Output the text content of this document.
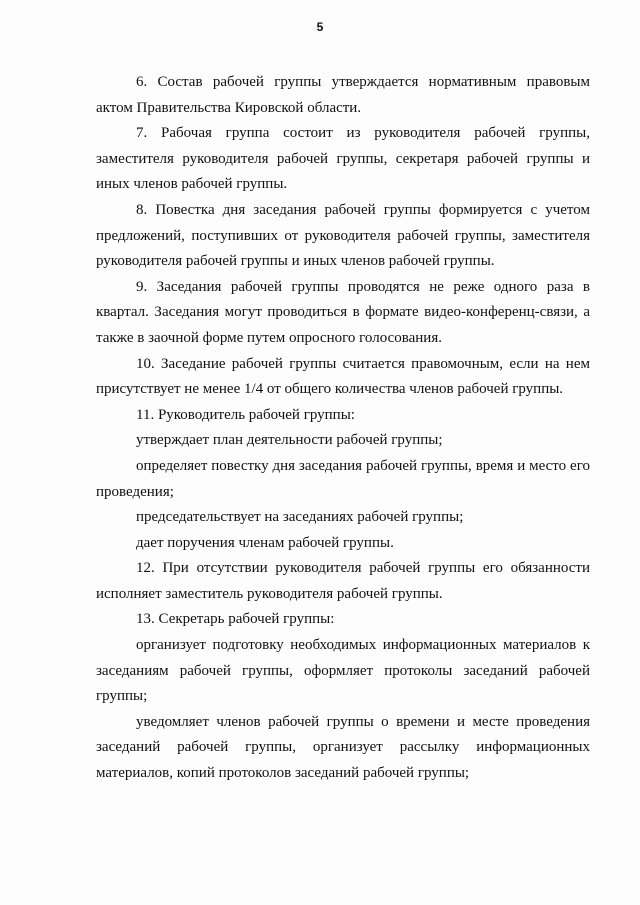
5

6. Состав рабочей группы утверждается нормативным правовым актом Правительства Кировской области.

7. Рабочая группа состоит из руководителя рабочей группы, заместителя руководителя рабочей группы, секретаря рабочей группы и иных членов рабочей группы.

8. Повестка дня заседания рабочей группы формируется с учетом предложений, поступивших от руководителя рабочей группы, заместителя руководителя рабочей группы и иных членов рабочей группы.

9. Заседания рабочей группы проводятся не реже одного раза в квартал. Заседания могут проводиться в формате видео-конференц-связи, а также в заочной форме путем опросного голосования.

10. Заседание рабочей группы считается правомочным, если на нем присутствует не менее 1/4 от общего количества членов рабочей группы.

11. Руководитель рабочей группы:

утверждает план деятельности рабочей группы;

определяет повестку дня заседания рабочей группы, время и место его проведения;

председательствует на заседаниях рабочей группы;

дает поручения членам рабочей группы.

12. При отсутствии руководителя рабочей группы его обязанности исполняет заместитель руководителя рабочей группы.

13. Секретарь рабочей группы:

организует подготовку необходимых информационных материалов к заседаниям рабочей группы, оформляет протоколы заседаний рабочей группы;

уведомляет членов рабочей группы о времени и месте проведения заседаний рабочей группы, организует рассылку информационных материалов, копий протоколов заседаний рабочей группы;
